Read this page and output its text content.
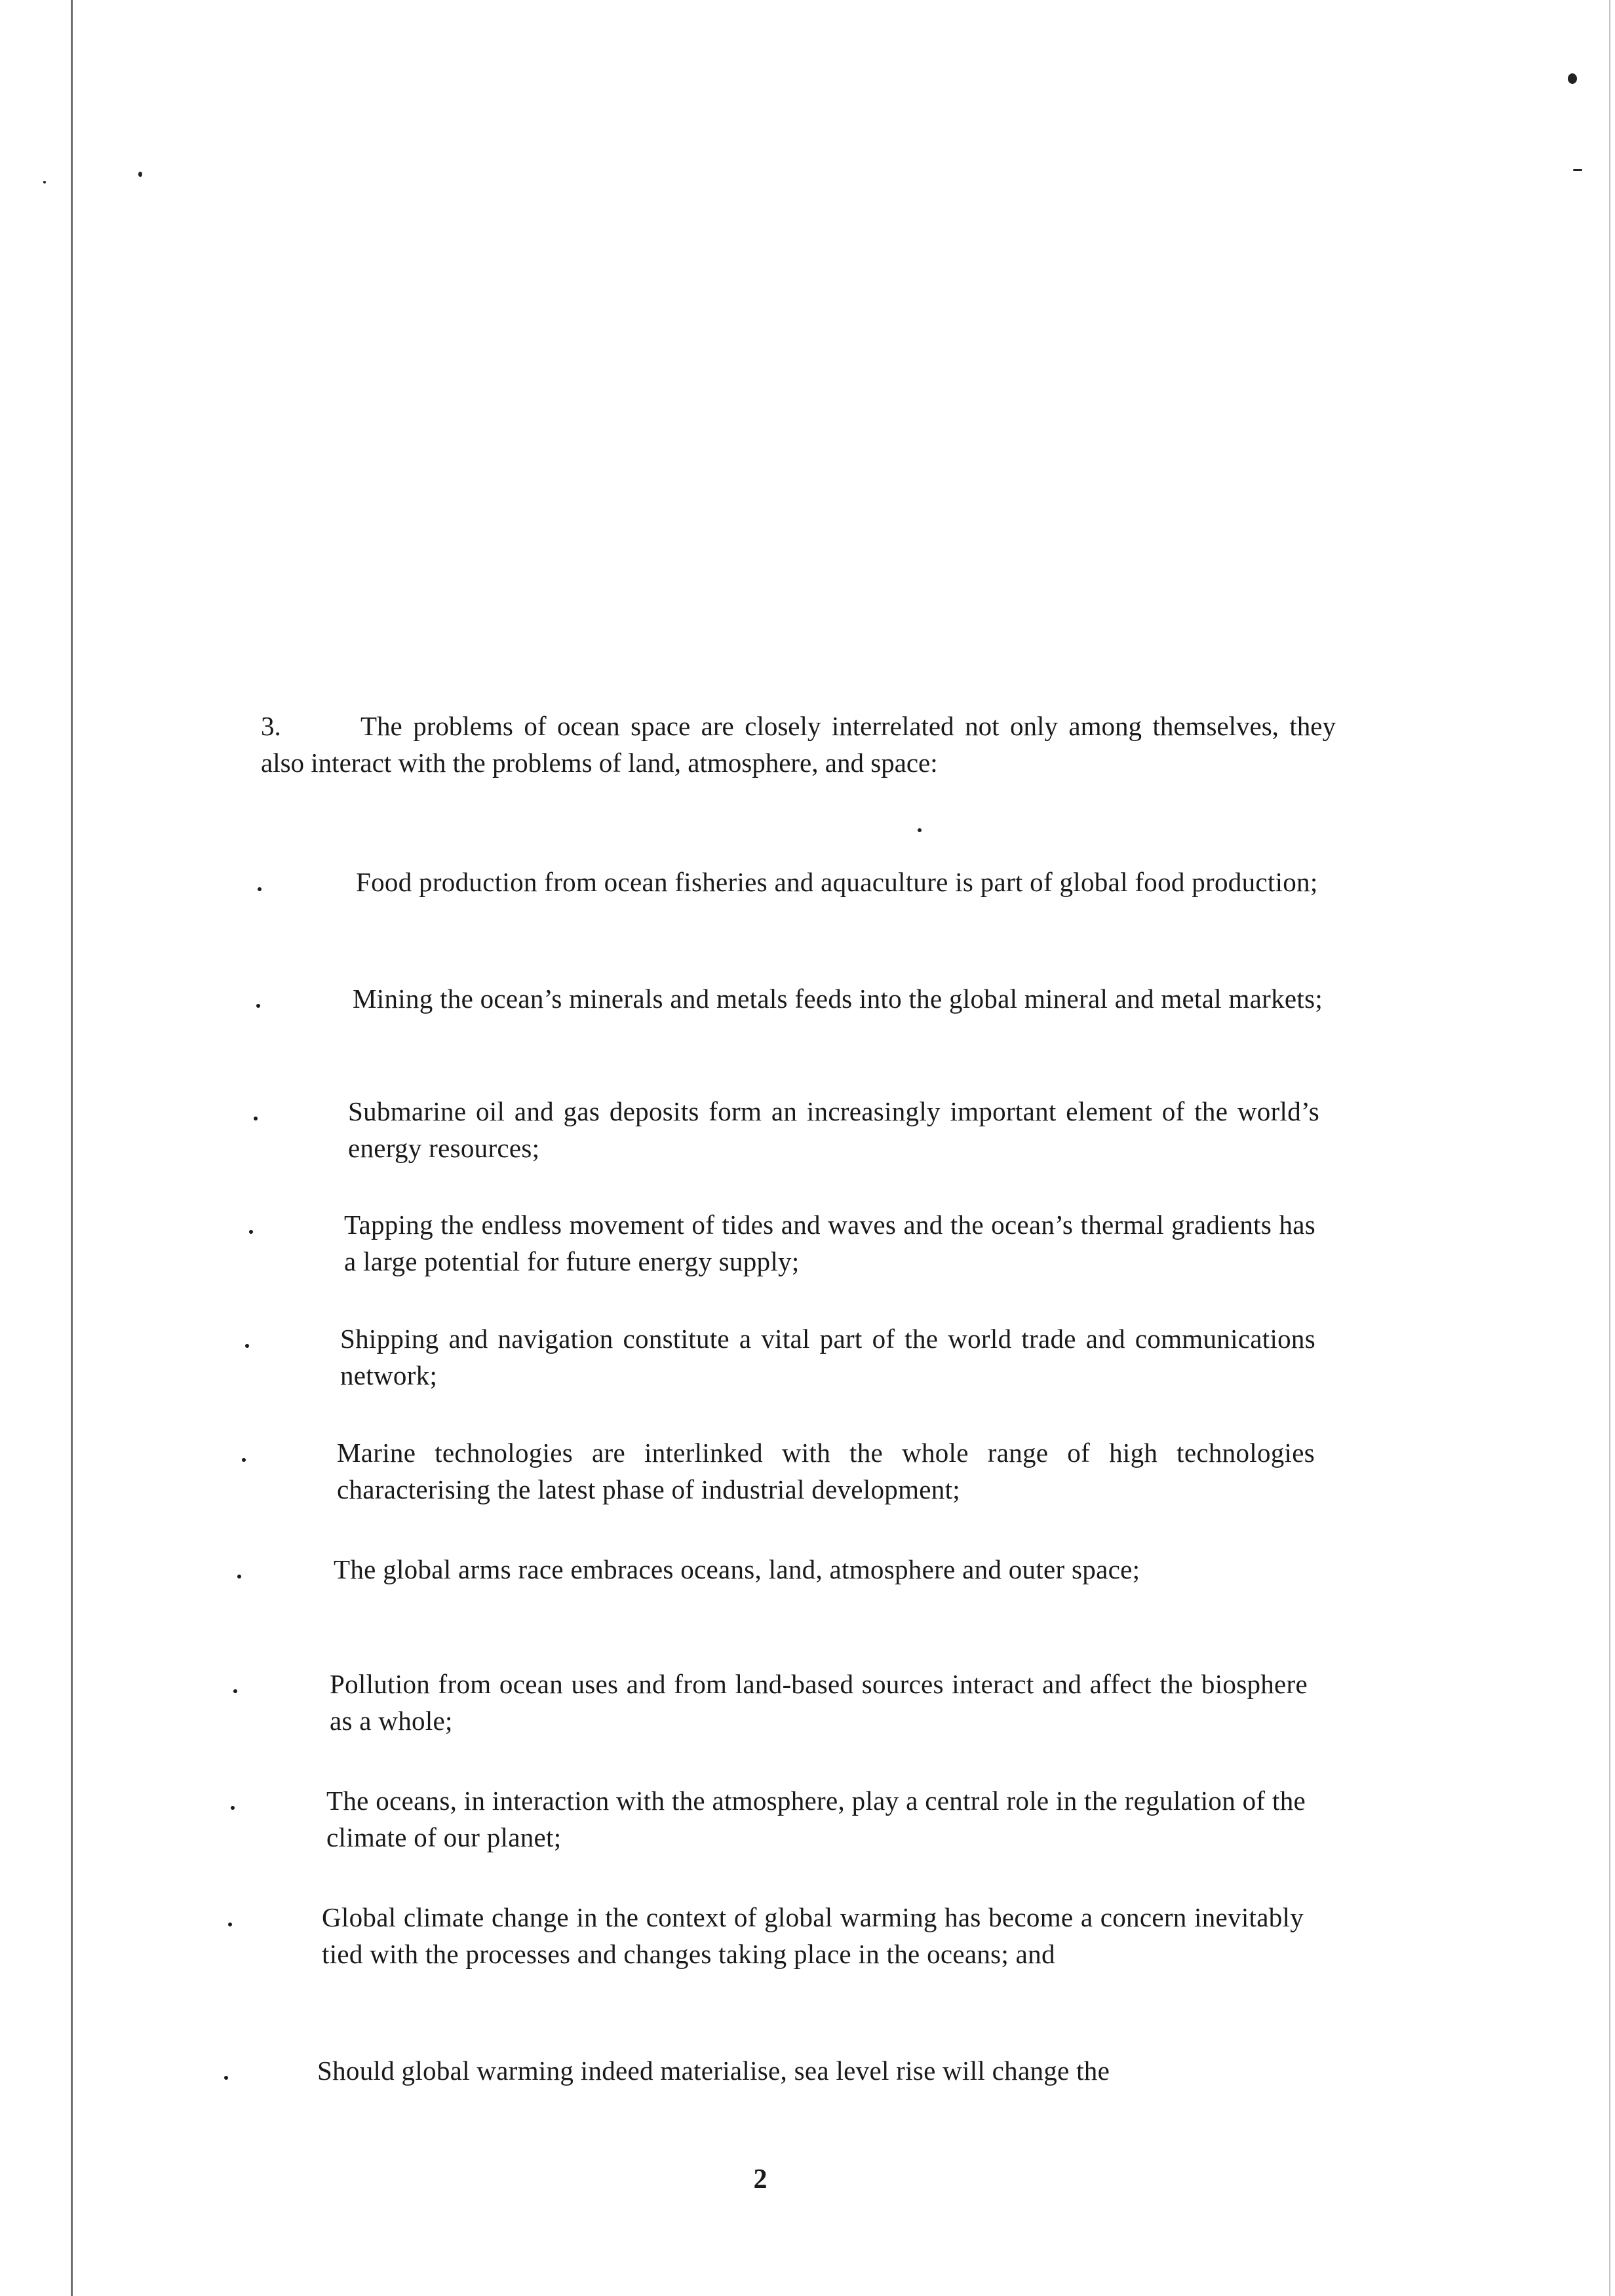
3.	The problems of ocean space are closely interrelated not only among themselves, they also interact with the problems of land, atmosphere, and space:
Food production from ocean fisheries and aquaculture is part of global food production;
Mining the ocean’s minerals and metals feeds into the global mineral and metal markets;
Submarine oil and gas deposits form an increasingly important element of the world’s energy resources;
Tapping the endless movement of tides and waves and the ocean’s thermal gradients has a large potential for future energy supply;
Shipping and navigation constitute a vital part of the world trade and communications network;
Marine technologies are interlinked with the whole range of high technologies characterising the latest phase of industrial development;
The global arms race embraces oceans, land, atmosphere and outer space;
Pollution from ocean uses and from land-based sources interact and affect the biosphere as a whole;
The oceans, in interaction with the atmosphere, play a central role in the regulation of the climate of our planet;
Global climate change in the context of global warming has become a concern inevitably tied with the processes and changes taking place in the oceans; and
Should global warming indeed materialise, sea level rise will change the
2
